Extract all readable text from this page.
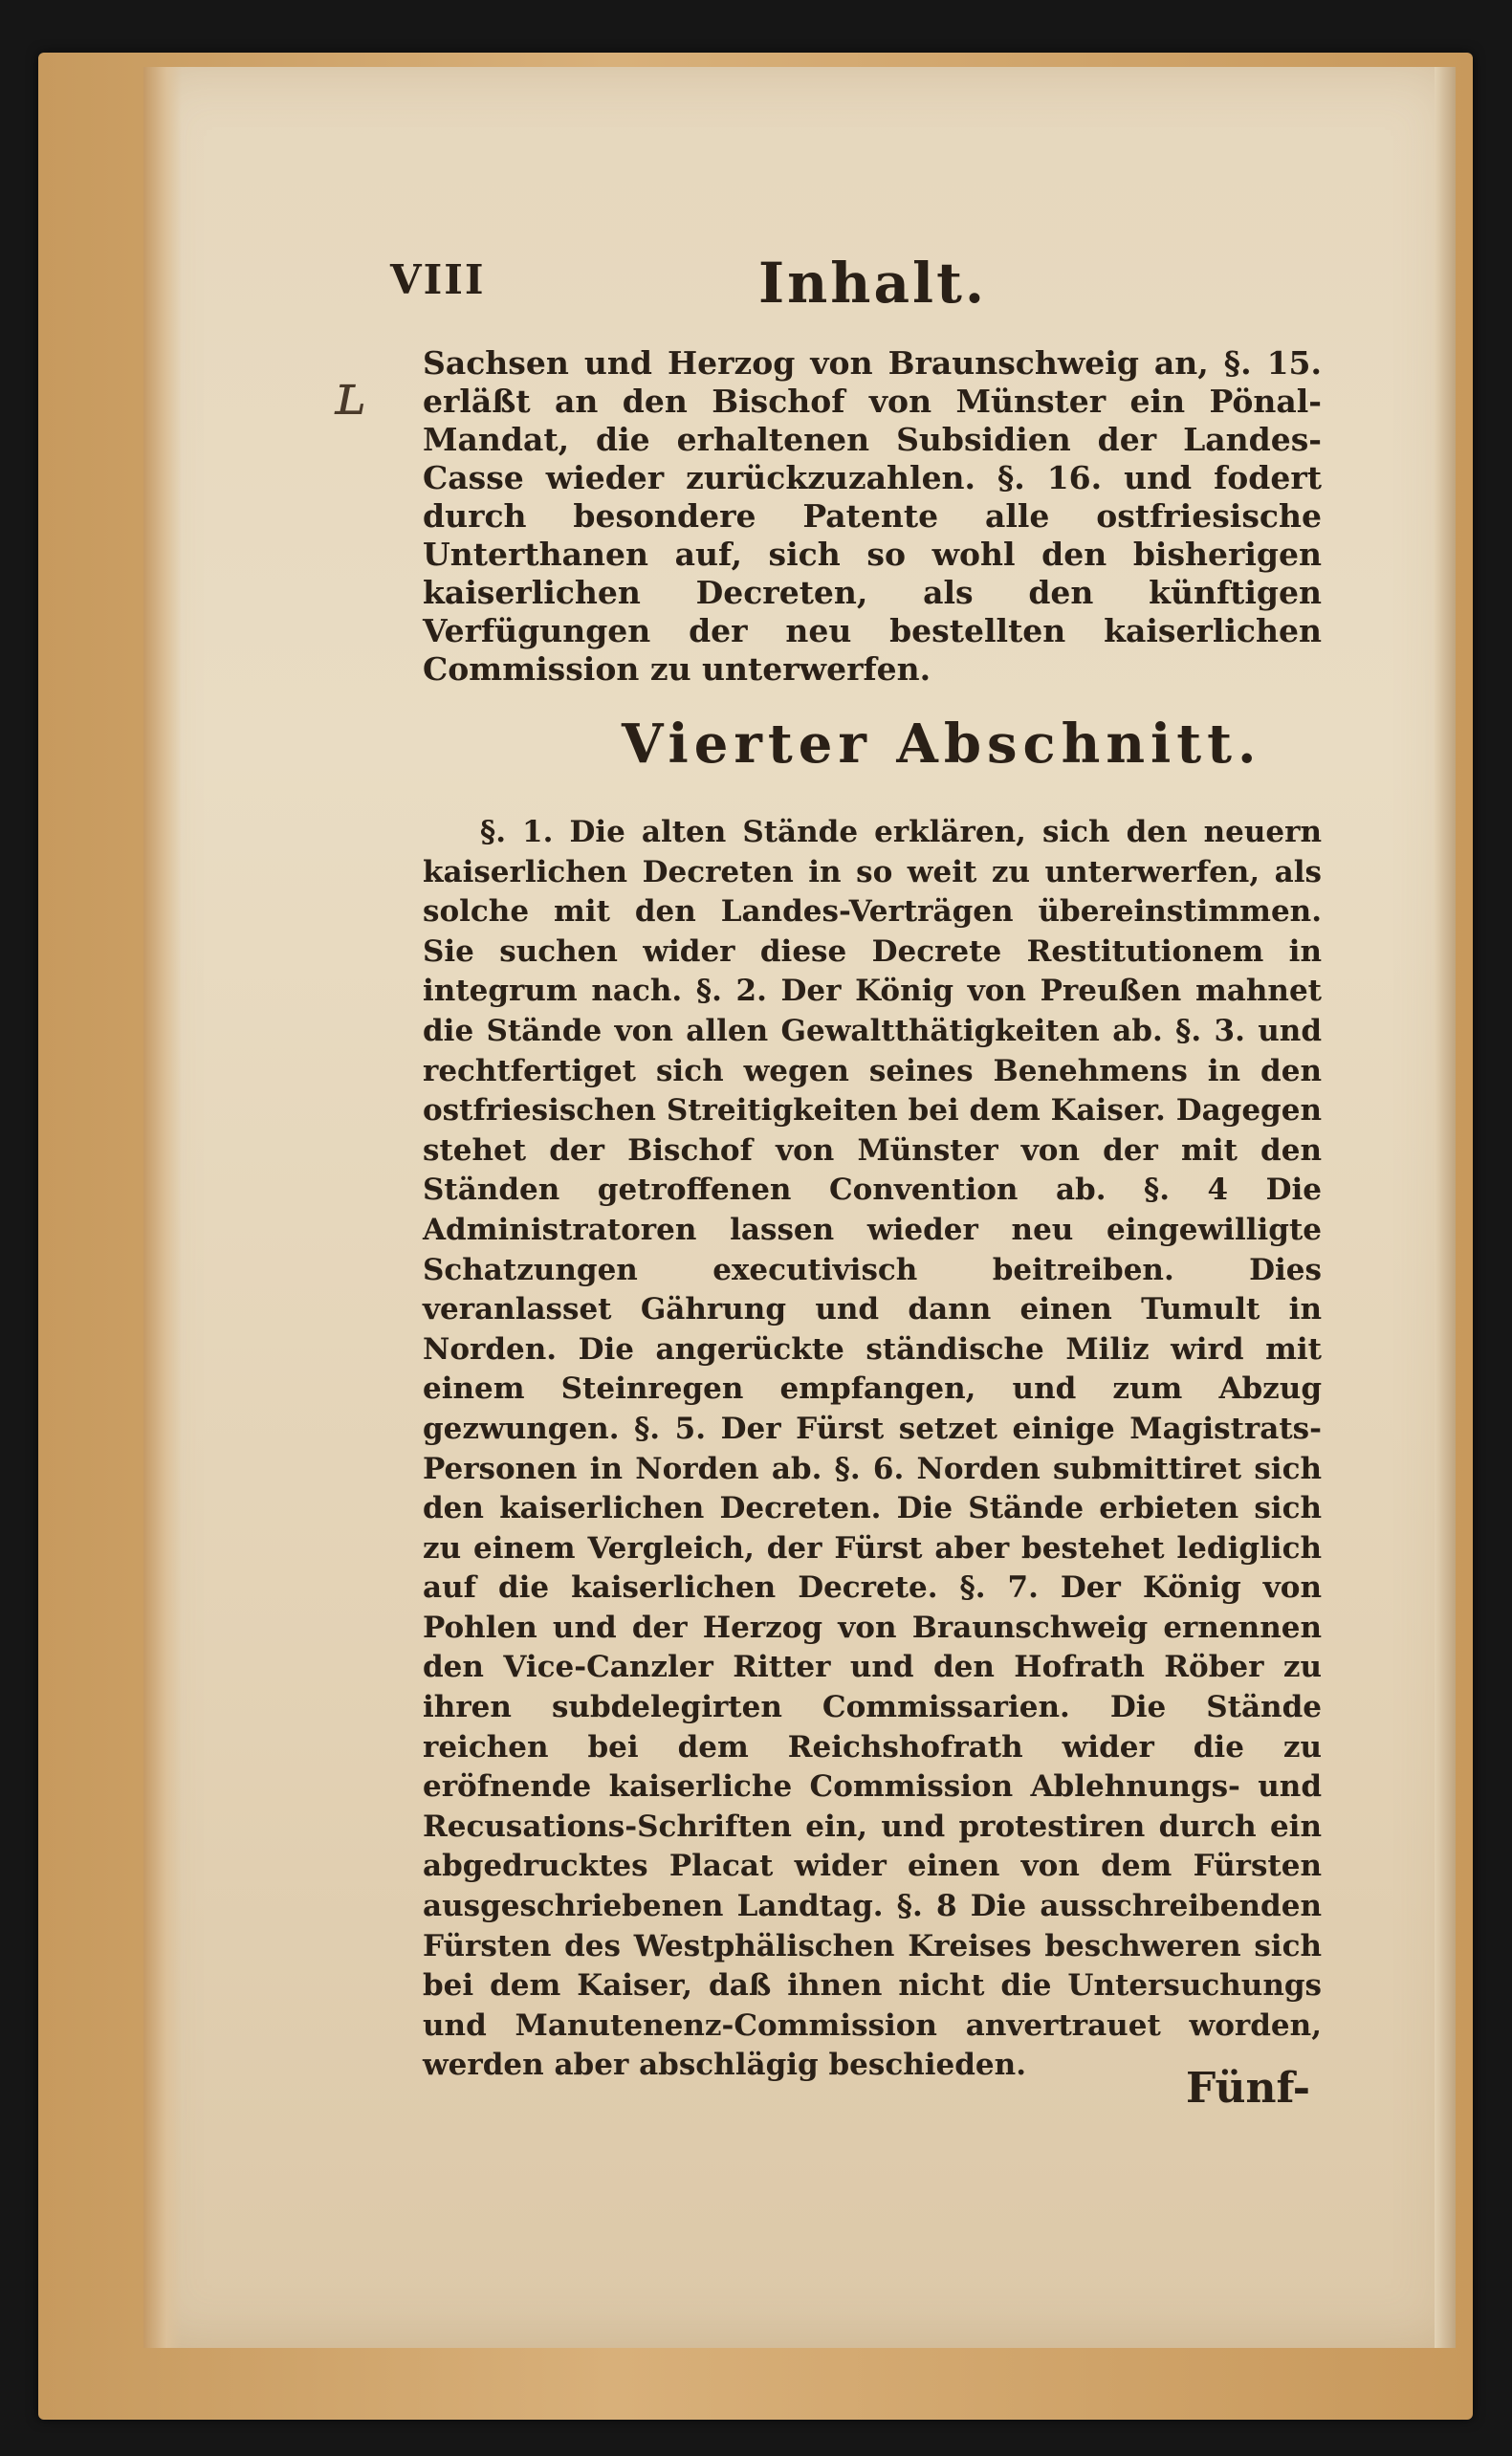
VIII	Inhalt.
ʟ Sachsen und Herzog von Braunschweig an, §. 15. erläßt an den Bischof von Münster ein Pönal-Mandat, die erhaltenen Subsidien der Landes-Casse wieder zurückzuzahlen. §. 16. und fodert durch besondere Patente alle ostfriesische Unterthanen auf, sich so wohl den bisherigen kaiserlichen Decreten, als den künftigen Verfügungen der neu bestellten kaiserlichen Commission zu unterwerfen.

Vierter Abschnitt.

§. 1. Die alten Stände erklären, sich den neuern kaiserlichen Decreten in so weit zu unterwerfen, als solche mit den Landes-Verträgen übereinstimmen. Sie suchen wider diese Decrete Restitutionem in integrum nach. §. 2. Der König von Preußen mahnet die Stände von allen Gewaltthätigkeiten ab. §. 3. und rechtfertiget sich wegen seines Benehmens in den ostfriesischen Streitigkeiten bei dem Kaiser. Dagegen stehet der Bischof von Münster von der mit den Ständen getroffenen Convention ab. §. 4 Die Administratoren lassen wieder neu eingewilligte Schatzungen executivisch beitreiben. Dies veranlasset Gährung und dann einen Tumult in Norden. Die angerückte ständische Miliz wird mit einem Steinregen empfangen, und zum Abzug gezwungen. §. 5. Der Fürst setzet einige Magistrats-Personen in Norden ab. §. 6. Norden submittiret sich den kaiserlichen Decreten. Die Stände erbieten sich zu einem Vergleich, der Fürst aber bestehet lediglich auf die kaiserlichen Decrete. §. 7. Der König von Pohlen und der Herzog von Braunschweig ernennen den Vice-Canzler Ritter und den Hofrath Röber zu ihren subdelegirten Commissarien. Die Stände reichen bei dem Reichshofrath wider die zu eröfnende kaiserliche Commission Ablehnungs- und Recusations-Schriften ein, und protestiren durch ein abgedrucktes Placat wider einen von dem Fürsten ausgeschriebenen Landtag. §. 8 Die ausschreibenden Fürsten des Westphälischen Kreises beschweren sich bei dem Kaiser, daß ihnen nicht die Untersuchungs und Manutenenz-Commission anvertrauet worden, werden aber abschlägig beschieden.	Fünf-
